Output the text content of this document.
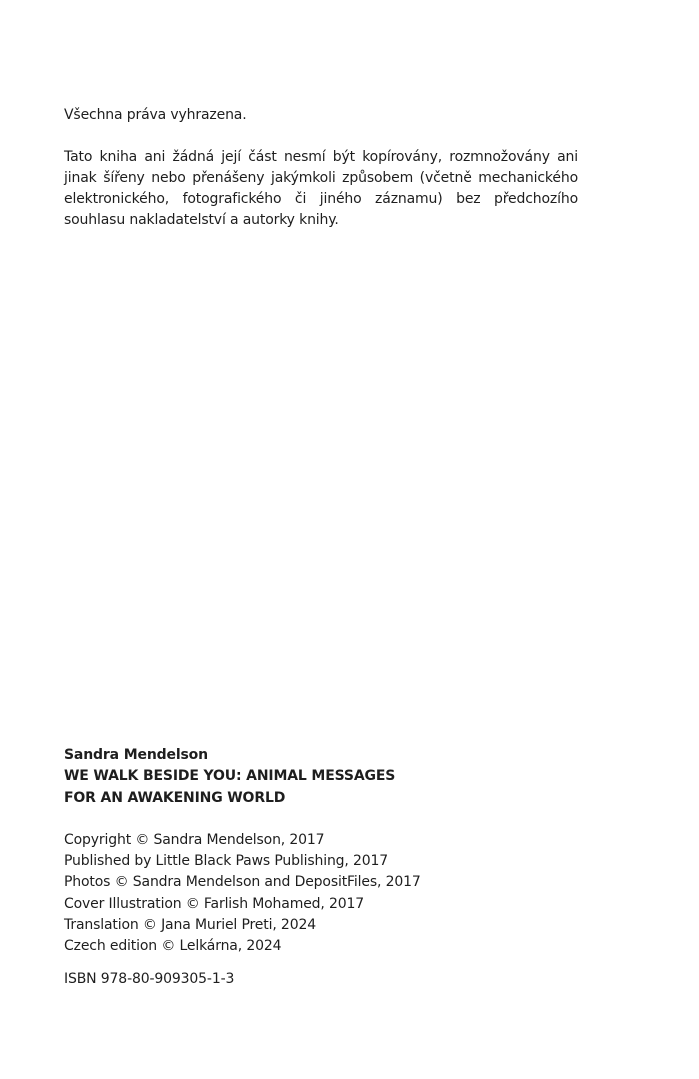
Všechna práva vyhrazena.

Tato kniha ani žádná její část nesmí být kopírovány, rozmnožovány ani jinak šířeny nebo přenášeny jakýmkoli způsobem (včetně mechanického elektronického, fotografického či jiného záznamu) bez předchozího souhlasu nakladatelství a autorky knihy.

Sandra Mendelson
WE WALK BESIDE YOU: ANIMAL MESSAGES
FOR AN AWAKENING WORLD
Copyright © Sandra Mendelson, 2017
Published by Little Black Paws Publishing, 2017
Photos © Sandra Mendelson and DepositFiles, 2017
Cover Illustration © Farlish Mohamed, 2017
Translation © Jana Muriel Preti, 2024
Czech edition © Lelkárna, 2024
ISBN 978-80-909305-1-3
